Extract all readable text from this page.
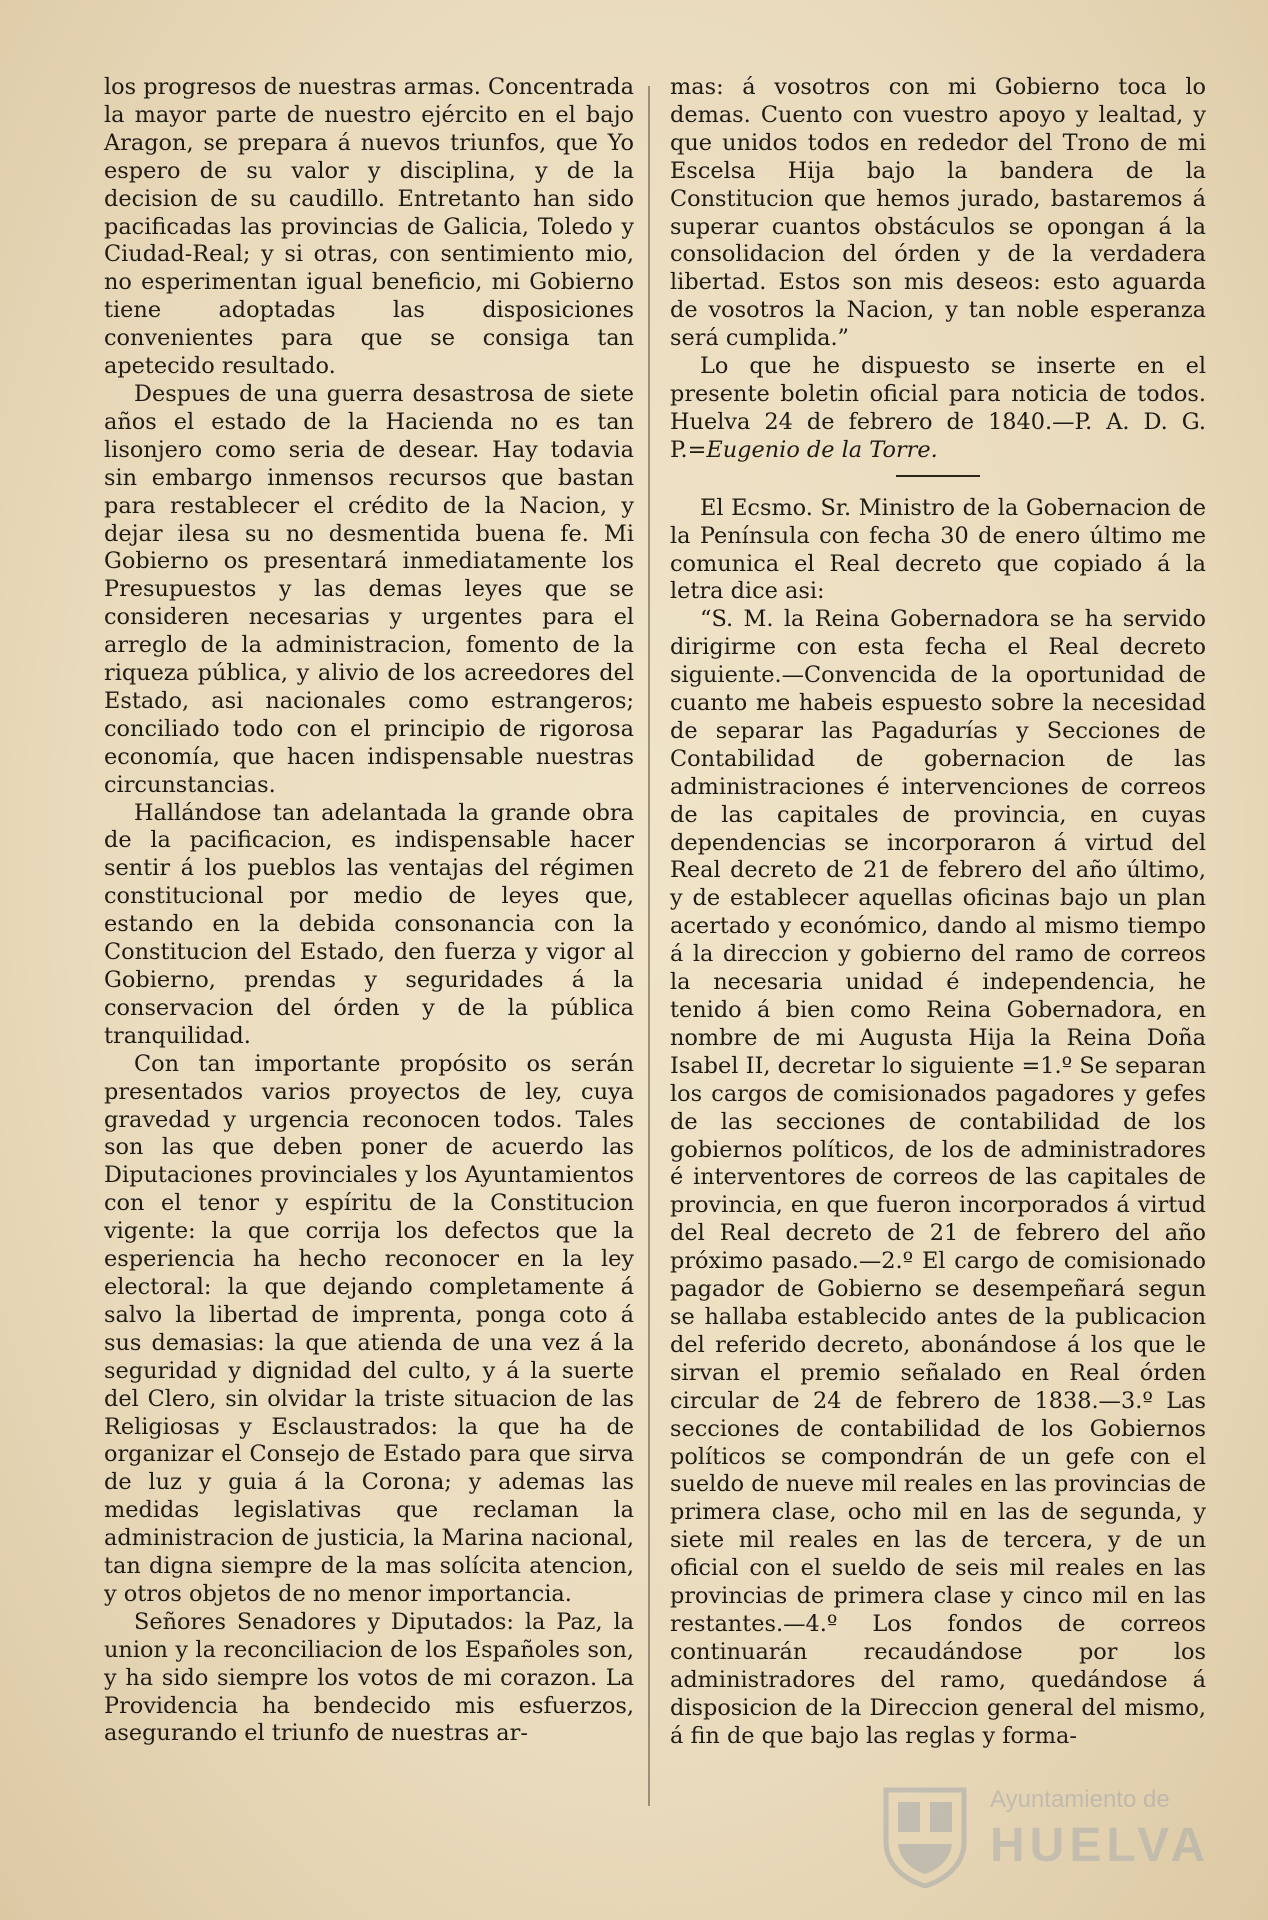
los progresos de nuestras armas. Concentrada la mayor parte de nuestro ejército en el bajo Aragon, se prepara á nuevos triunfos, que Yo espero de su valor y disciplina, y de la decision de su caudillo. Entretanto han sido pacificadas las provincias de Galicia, Toledo y Ciudad-Real; y si otras, con sentimiento mio, no esperimentan igual beneficio, mi Gobierno tiene adoptadas las disposiciones convenientes para que se consiga tan apetecido resultado.

Despues de una guerra desastrosa de siete años el estado de la Hacienda no es tan lisonjero como seria de desear. Hay todavia sin embargo inmensos recursos que bastan para restablecer el crédito de la Nacion, y dejar ilesa su no desmentida buena fe. Mi Gobierno os presentará inmediatamente los Presupuestos y las demas leyes que se consideren necesarias y urgentes para el arreglo de la administracion, fomento de la riqueza pública, y alivio de los acreedores del Estado, asi nacionales como estrangeros; conciliado todo con el principio de rigorosa economía, que hacen indispensable nuestras circunstancias.

Hallándose tan adelantada la grande obra de la pacificacion, es indispensable hacer sentir á los pueblos las ventajas del régimen constitucional por medio de leyes que, estando en la debida consonancia con la Constitucion del Estado, den fuerza y vigor al Gobierno, prendas y seguridades á la conservacion del órden y de la pública tranquilidad.

Con tan importante propósito os serán presentados varios proyectos de ley, cuya gravedad y urgencia reconocen todos. Tales son las que deben poner de acuerdo las Diputaciones provinciales y los Ayuntamientos con el tenor y espíritu de la Constitucion vigente: la que corrija los defectos que la esperiencia ha hecho reconocer en la ley electoral: la que dejando completamente á salvo la libertad de imprenta, ponga coto á sus demasias: la que atienda de una vez á la seguridad y dignidad del culto, y á la suerte del Clero, sin olvidar la triste situacion de las Religiosas y Esclaustrados: la que ha de organizar el Consejo de Estado para que sirva de luz y guia á la Corona; y ademas las medidas legislativas que reclaman la administracion de justicia, la Marina nacional, tan digna siempre de la mas solícita atencion, y otros objetos de no menor importancia.

Señores Senadores y Diputados: la Paz, la union y la reconciliacion de los Españoles son, y ha sido siempre los votos de mi corazon. La Providencia ha bendecido mis esfuerzos, asegurando el triunfo de nuestras ar-

mas: á vosotros con mi Gobierno toca lo demas. Cuento con vuestro apoyo y lealtad, y que unidos todos en rededor del Trono de mi Escelsa Hija bajo la bandera de la Constitucion que hemos jurado, bastaremos á superar cuantos obstáculos se opongan á la consolidacion del órden y de la verdadera libertad. Estos son mis deseos: esto aguarda de vosotros la Nacion, y tan noble esperanza será cumplida.”

Lo que he dispuesto se inserte en el presente boletin oficial para noticia de todos. Huelva 24 de febrero de 1840.—P. A. D. G. P.=Eugenio de la Torre.

El Ecsmo. Sr. Ministro de la Gobernacion de la Península con fecha 30 de enero último me comunica el Real decreto que copiado á la letra dice asi:

“S. M. la Reina Gobernadora se ha servido dirigirme con esta fecha el Real decreto siguiente.—Convencida de la oportunidad de cuanto me habeis espuesto sobre la necesidad de separar las Pagadurías y Secciones de Contabilidad de gobernacion de las administraciones é intervenciones de correos de las capitales de provincia, en cuyas dependencias se incorporaron á virtud del Real decreto de 21 de febrero del año último, y de establecer aquellas oficinas bajo un plan acertado y económico, dando al mismo tiempo á la direccion y gobierno del ramo de correos la necesaria unidad é independencia, he tenido á bien como Reina Gobernadora, en nombre de mi Augusta Hija la Reina Doña Isabel II, decretar lo siguiente =1.º Se separan los cargos de comisionados pagadores y gefes de las secciones de contabilidad de los gobiernos políticos, de los de administradores é interventores de correos de las capitales de provincia, en que fueron incorporados á virtud del Real decreto de 21 de febrero del año próximo pasado.—2.º El cargo de comisionado pagador de Gobierno se desempeñará segun se hallaba establecido antes de la publicacion del referido decreto, abonándose á los que le sirvan el premio señalado en Real órden circular de 24 de febrero de 1838.—3.º Las secciones de contabilidad de los Gobiernos políticos se compondrán de un gefe con el sueldo de nueve mil reales en las provincias de primera clase, ocho mil en las de segunda, y siete mil reales en las de tercera, y de un oficial con el sueldo de seis mil reales en las provincias de primera clase y cinco mil en las restantes.—4.º Los fondos de correos continuarán recaudándose por los administradores del ramo, quedándose á disposicion de la Direccion general del mismo, á fin de que bajo las reglas y forma-

Ayuntamiento de
HUELVA
